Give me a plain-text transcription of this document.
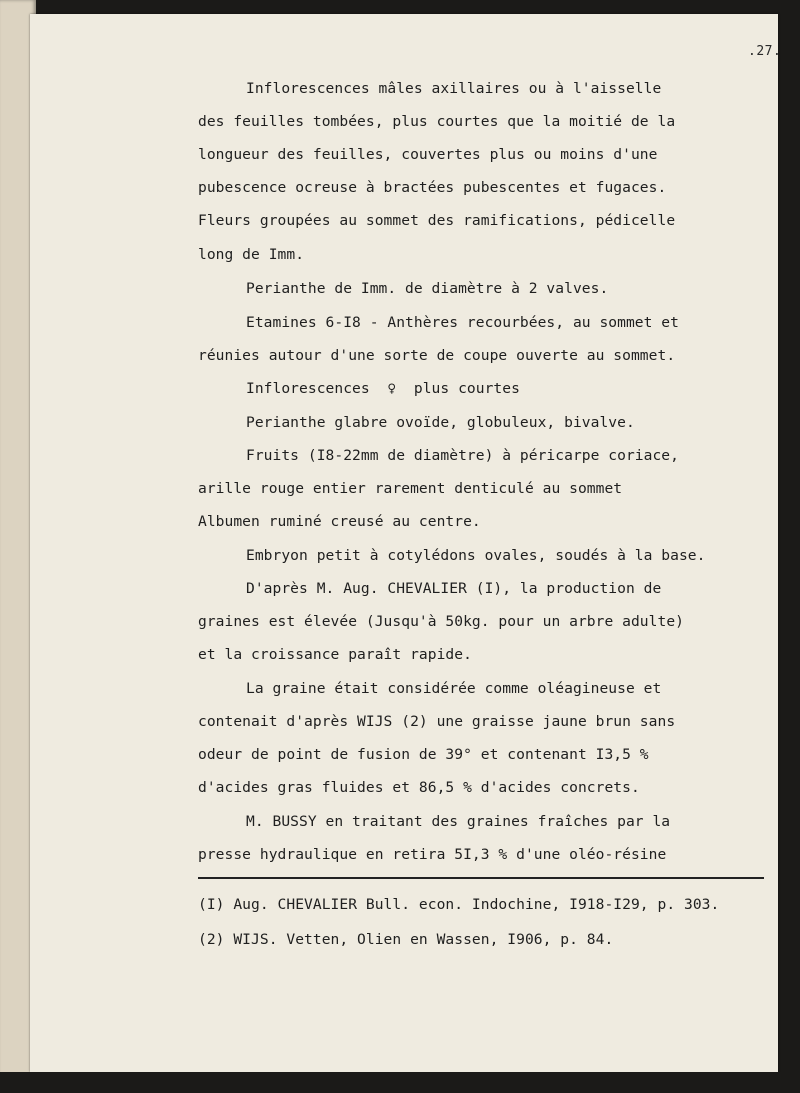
.27.
Inflorescences mâles axillaires ou à l'aisselle
des feuilles tombées, plus courtes que la moitié de la
longueur des feuilles, couvertes plus ou moins d'une
pubescence ocreuse à bractées pubescentes et fugaces.
Fleurs groupées au sommet des ramifications, pédicelle
long de Imm.
Perianthe de Imm. de diamètre à 2 valves.
Etamines 6-I8 - Anthères recourbées, au sommet et
réunies autour d'une sorte de coupe ouverte au sommet.
Inflorescences  ♀  plus courtes
Perianthe glabre ovoïde, globuleux, bivalve.
Fruits (I8-22mm de diamètre) à péricarpe coriace,
arille rouge entier rarement denticulé au sommet
Albumen ruminé creusé au centre.
Embryon petit à cotylédons ovales, soudés à la base.
D'après M. Aug. CHEVALIER (I), la production de
graines est élevée (Jusqu'à 50kg. pour un arbre adulte)
et la croissance paraît rapide.
La graine était considérée comme oléagineuse et
contenait d'après WIJS (2) une graisse jaune brun sans
odeur de point de fusion de 39° et contenant I3,5 %
d'acides gras fluides et 86,5 % d'acides concrets.
M. BUSSY en traitant des graines fraîches par la
presse hydraulique en retira 5I,3 % d'une oléo-résine
(I) Aug. CHEVALIER Bull. econ. Indochine, I918-I29, p. 303.
(2) WIJS. Vetten, Olien en Wassen, I906, p. 84.
